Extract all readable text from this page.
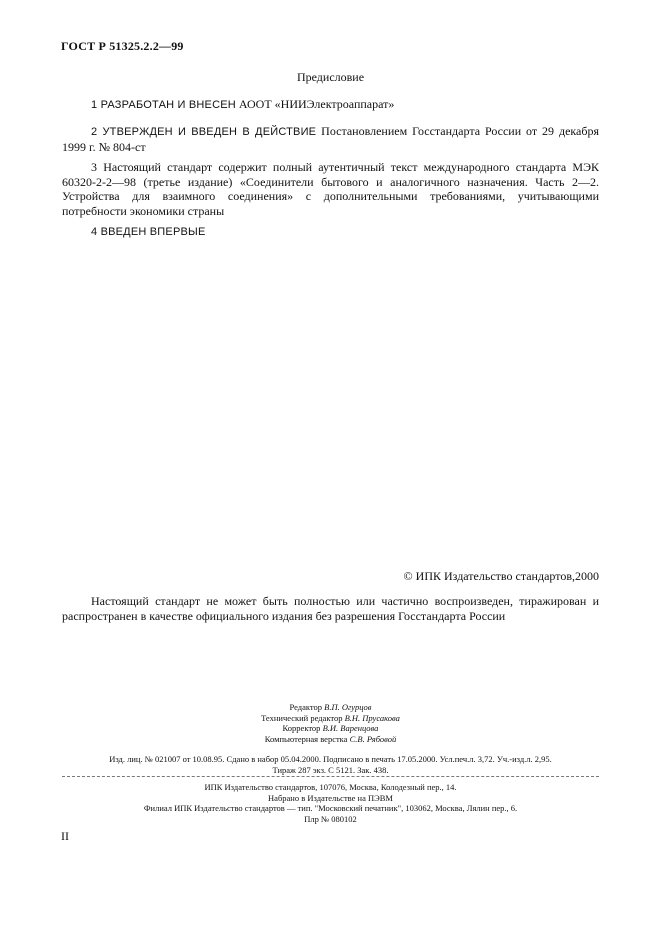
ГОСТ Р 51325.2.2—99
Предисловие
1 РАЗРАБОТАН И ВНЕСЕН АООТ «НИИЭлектроаппарат»
2 УТВЕРЖДЕН И ВВЕДЕН В ДЕЙСТВИЕ Постановлением Госстандарта России от 29 декабря 1999 г. № 804-ст
3 Настоящий стандарт содержит полный аутентичный текст международного стандарта МЭК 60320-2-2—98 (третье издание) «Соединители бытового и аналогичного назначения. Часть 2—2. Устройства для взаимного соединения» с дополнительными требованиями, учитывающими потребности экономики страны
4 ВВЕДЕН ВПЕРВЫЕ
© ИПК Издательство стандартов,2000
Настоящий стандарт не может быть полностью или частично воспроизведен, тиражирован и распространен в качестве официального издания без разрешения Госстандарта России
Редактор В.П. Огурцов
Технический редактор В.Н. Прусакова
Корректор В.И. Варенцова
Компьютерная верстка С.В. Рябовой
Изд. лиц. № 021007 от 10.08.95. Сдано в набор 05.04.2000. Подписано в печать 17.05.2000. Усл.печ.л. 3,72. Уч.-изд.л. 2,95.
Тираж 287 экз. С 5121. Зак. 438.
ИПК Издательство стандартов, 107076, Москва, Колодезный пер., 14.
Набрано в Издательстве на ПЭВМ
Филиал ИПК Издательство стандартов — тип. "Московский печатник", 103062, Москва, Лялин пер., 6.
Плр № 080102
II
